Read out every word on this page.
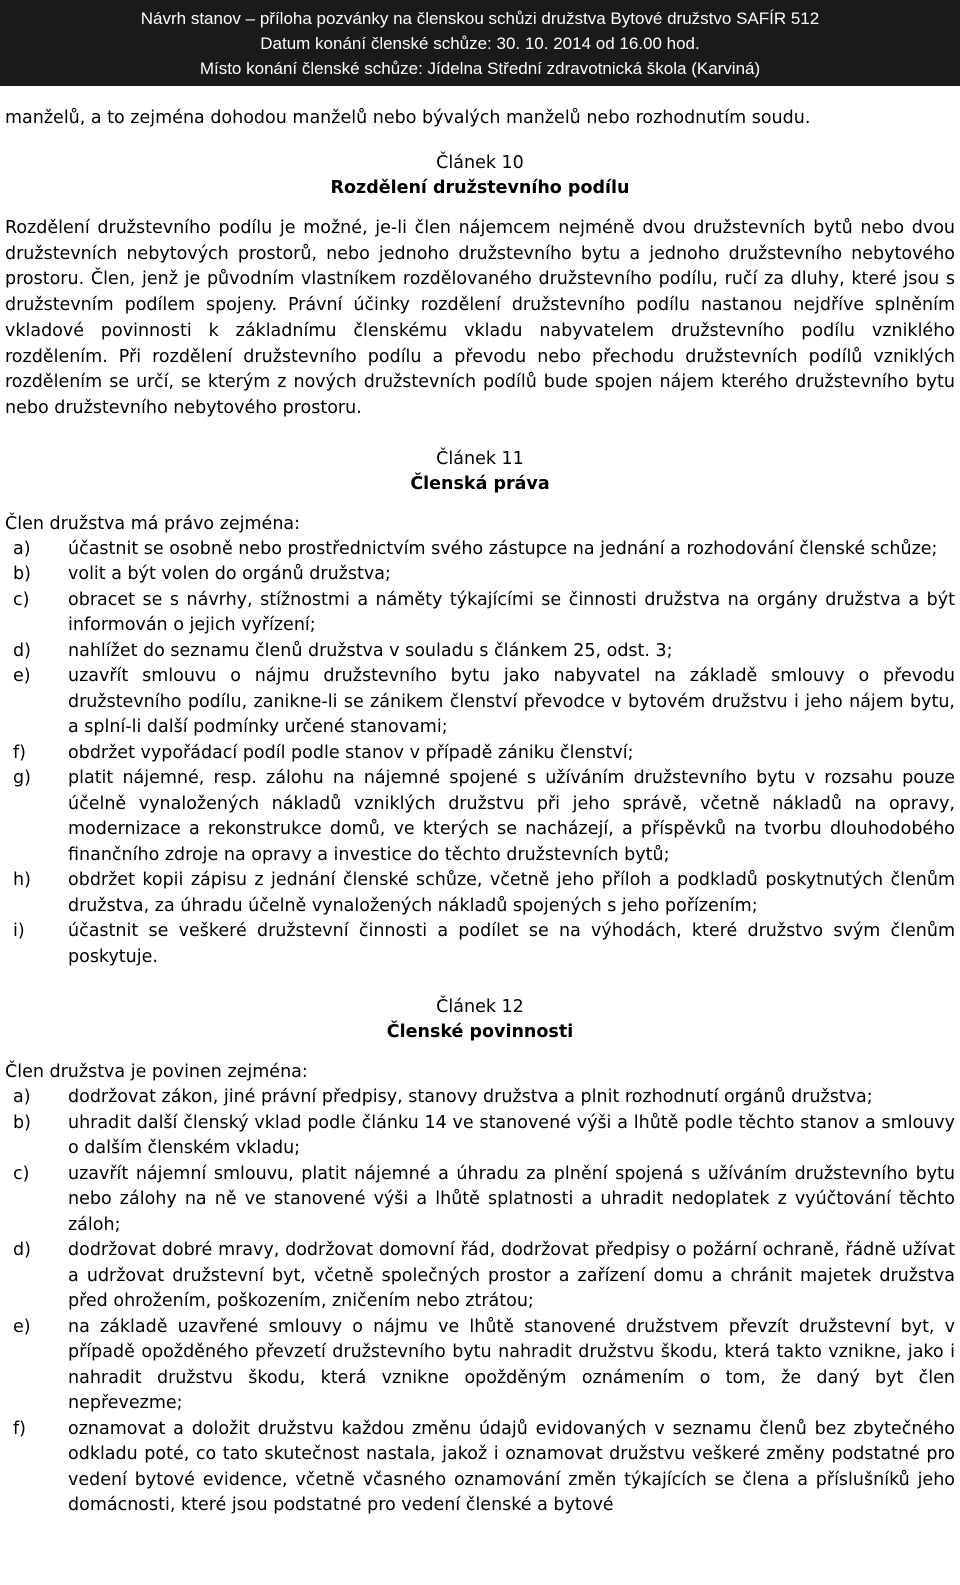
Návrh stanov – příloha pozvánky na členskou schůzi družstva Bytové družstvo SAFÍR 512
Datum konání členské schůze: 30. 10. 2014 od 16.00 hod.
Místo konání členské schůze: Jídelna Střední zdravotnická škola (Karviná)
manželů, a to zejména dohodou manželů nebo bývalých manželů nebo rozhodnutím soudu.
Článek 10
Rozdělení družstevního podílu
Rozdělení družstevního podílu je možné, je-li člen nájemcem nejméně dvou družstevních bytů nebo dvou družstevních nebytových prostorů, nebo jednoho družstevního bytu a jednoho družstevního nebytového prostoru. Člen, jenž je původním vlastníkem rozdělovaného družstevního podílu, ručí za dluhy, které jsou s družstevním podílem spojeny. Právní účinky rozdělení družstevního podílu nastanou nejdříve splněním vkladové povinnosti k základnímu členskému vkladu nabyvatelem družstevního podílu vzniklého rozdělením. Při rozdělení družstevního podílu a převodu nebo přechodu družstevních podílů vzniklých rozdělením se určí, se kterým z nových družstevních podílů bude spojen nájem kterého družstevního bytu nebo družstevního nebytového prostoru.
Článek 11
Členská práva
Člen družstva má právo zejména:
a) účastnit se osobně nebo prostřednictvím svého zástupce na jednání a rozhodování členské schůze;
b) volit a být volen do orgánů družstva;
c) obracet se s návrhy, stížnostmi a náměty týkajícími se činnosti družstva na orgány družstva a být informován o jejich vyřízení;
d) nahlížet do seznamu členů družstva v souladu s článkem 25, odst. 3;
e) uzavřít smlouvu o nájmu družstevního bytu jako nabyvatel na základě smlouvy o převodu družstevního podílu, zanikne-li se zánikem členství převodce v bytovém družstvu i jeho nájem bytu, a splní-li další podmínky určené stanovami;
f) obdržet vypořádací podíl podle stanov v případě zániku členství;
g) platit nájemné, resp. zálohu na nájemné spojené s užíváním družstevního bytu v rozsahu pouze účelně vynaložených nákladů vzniklých družstvu při jeho správě, včetně nákladů na opravy, modernizace a rekonstrukce domů, ve kterých se nacházejí, a příspěvků na tvorbu dlouhodobého finančního zdroje na opravy a investice do těchto družstevních bytů;
h) obdržet kopii zápisu z jednání členské schůze, včetně jeho příloh a podkladů poskytnutých členům družstva, za úhradu účelně vynaložených nákladů spojených s jeho pořízením;
i) účastnit se veškeré družstevní činnosti a podílet se na výhodách, které družstvo svým členům poskytuje.
Článek 12
Členské povinnosti
Člen družstva je povinen zejména:
a) dodržovat zákon, jiné právní předpisy, stanovy družstva a plnit rozhodnutí orgánů družstva;
b) uhradit další členský vklad podle článku 14 ve stanovené výši a lhůtě podle těchto stanov a smlouvy o dalším členském vkladu;
c) uzavřít nájemní smlouvu, platit nájemné a úhradu za plnění spojená s užíváním družstevního bytu nebo zálohy na ně ve stanovené výši a lhůtě splatnosti a uhradit nedoplatek z vyúčtování těchto záloh;
d) dodržovat dobré mravy, dodržovat domovní řád, dodržovat předpisy o požární ochraně, řádně užívat a udržovat družstevní byt, včetně společných prostor a zařízení domu a chránit majetek družstva před ohrožením, poškozením, zničením nebo ztrátou;
e) na základě uzavřené smlouvy o nájmu ve lhůtě stanovené družstvem převzít družstevní byt, v případě opožděného převzetí družstevního bytu nahradit družstvu škodu, která takto vznikne, jako i nahradit družstvu škodu, která vznikne opožděným oznámením o tom, že daný byt člen nepřevezme;
f) oznamovat a doložit družstvu každou změnu údajů evidovaných v seznamu členů bez zbytečného odkladu poté, co tato skutečnost nastala, jakož i oznamovat družstvu veškeré změny podstatné pro vedení bytové evidence, včetně včasného oznamování změn týkajících se člena a příslušníků jeho domácnosti, které jsou podstatné pro vedení členské a bytové
